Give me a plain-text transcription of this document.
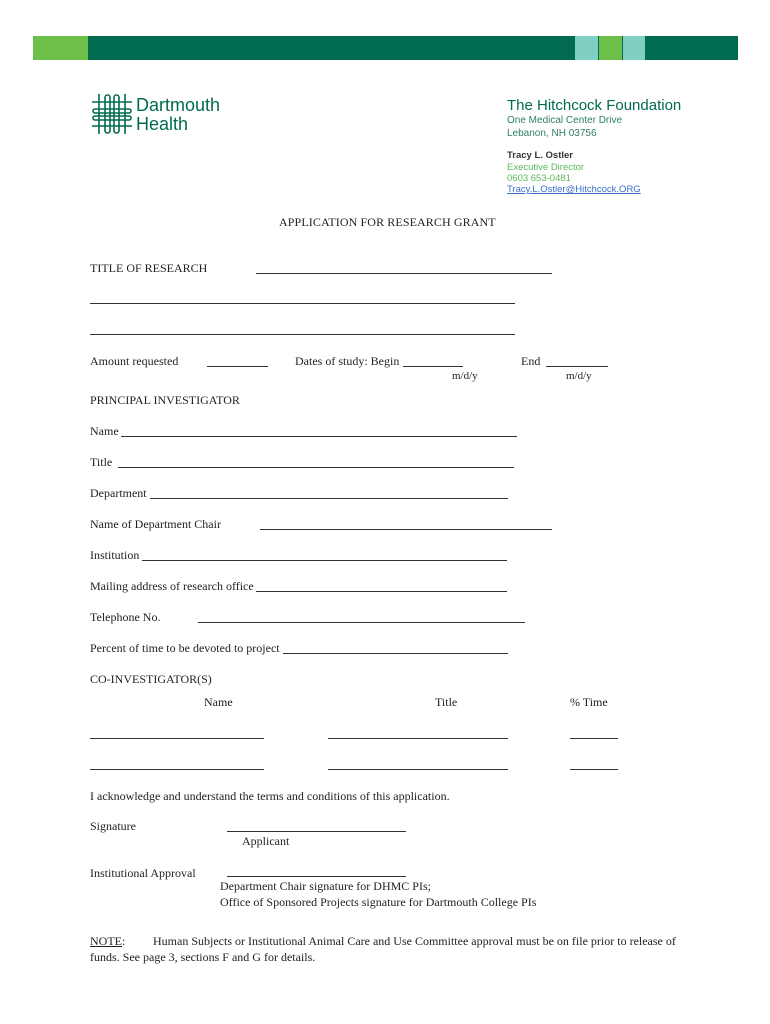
Dartmouth
Health
The Hitchcock Foundation
One Medical Center Drive
Lebanon, NH 03756
Tracy L. Ostler
Executive Director
0603 653-0481
Tracy.L.Ostler@Hitchcock.ORG
APPLICATION FOR RESEARCH GRANT
TITLE OF RESEARCH
Amount requested	Dates of study: Begin	End
m/d/y	m/d/y
PRINCIPAL INVESTIGATOR
Name
Title
Department
Name of Department Chair
Institution
Mailing address of research office
Telephone No.
Percent of time to be devoted to project
CO-INVESTIGATOR(S)
Name	Title	% Time
I acknowledge and understand the terms and conditions of this application.
Signature
Applicant
Institutional Approval
Department Chair signature for DHMC PIs;
Office of Sponsored Projects signature for Dartmouth College PIs
NOTE: Human Subjects or Institutional Animal Care and Use Committee approval must be on file prior to release of
funds. See page 3, sections F and G for details.
